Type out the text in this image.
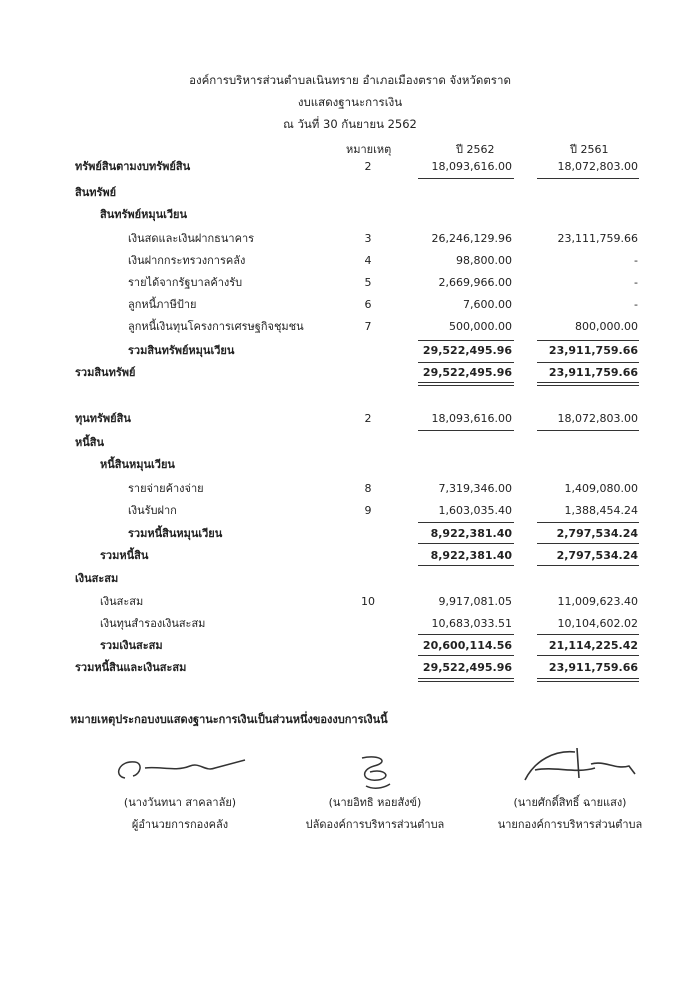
องค์การบริหารส่วนตำบลเนินทราย อำเภอเมืองตราด จังหวัดตราด
งบแสดงฐานะการเงิน
ณ วันที่ 30 กันยายน 2562
หมายเหตุ	ปี 2562	ปี 2561
ทรัพย์สินตามงบทรัพย์สิน	2	18,093,616.00	18,072,803.00
สินทรัพย์
สินทรัพย์หมุนเวียน
เงินสดและเงินฝากธนาคาร	3	26,246,129.96	23,111,759.66
เงินฝากกระทรวงการคลัง	4	98,800.00	-
รายได้จากรัฐบาลค้างรับ	5	2,669,966.00	-
ลูกหนี้ภาษีป้าย	6	7,600.00	-
ลูกหนี้เงินทุนโครงการเศรษฐกิจชุมชน	7	500,000.00	800,000.00
รวมสินทรัพย์หมุนเวียน	29,522,495.96	23,911,759.66
รวมสินทรัพย์	29,522,495.96	23,911,759.66
ทุนทรัพย์สิน	2	18,093,616.00	18,072,803.00
หนี้สิน
หนี้สินหมุนเวียน
รายจ่ายค้างจ่าย	8	7,319,346.00	1,409,080.00
เงินรับฝาก	9	1,603,035.40	1,388,454.24
รวมหนี้สินหมุนเวียน	8,922,381.40	2,797,534.24
รวมหนี้สิน	8,922,381.40	2,797,534.24
เงินสะสม
เงินสะสม	10	9,917,081.05	11,009,623.40
เงินทุนสำรองเงินสะสม	10,683,033.51	10,104,602.02
รวมเงินสะสม	20,600,114.56	21,114,225.42
รวมหนี้สินและเงินสะสม	29,522,495.96	23,911,759.66
หมายเหตุประกอบงบแสดงฐานะการเงินเป็นส่วนหนึ่งของงบการเงินนี้
(นางวันทนา สาคลาลัย)
ผู้อำนวยการกองคลัง
(นายอิทธิ หอยสังข์)
ปลัดองค์การบริหารส่วนตำบล
(นายศักดิ์สิทธิ์ ฉายแสง)
นายกองค์การบริหารส่วนตำบล
